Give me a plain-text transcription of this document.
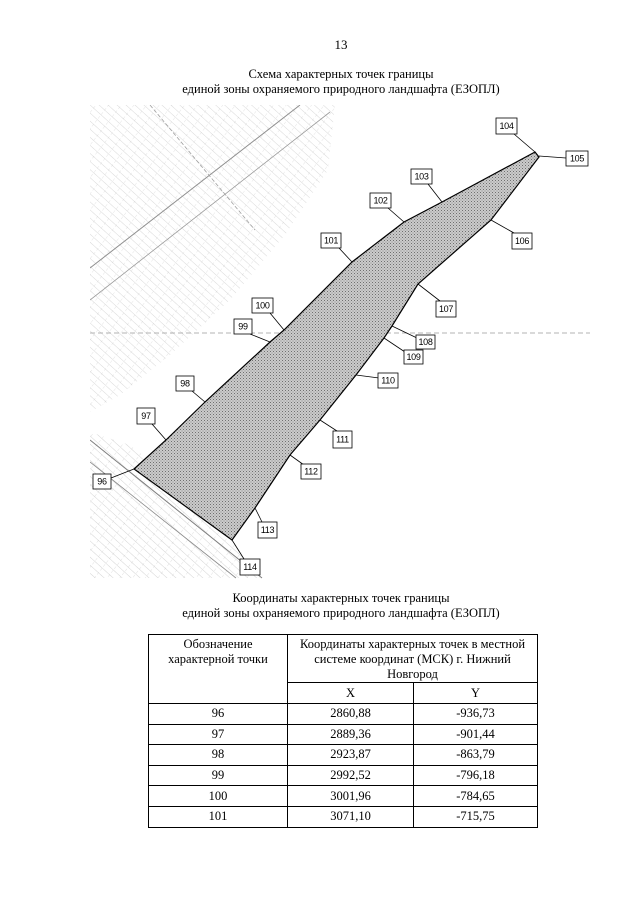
13
Схема характерных точек границы
единой зоны охраняемого природного ландшафта (ЕЗОПЛ)
96
97
98
99
100
101
102
103
104
105
106
107
108
109
110
111
112
113
114
Координаты характерных точек границы
единой зоны охраняемого природного ландшафта (ЕЗОПЛ)
Обозначение
характерной точки	Координаты характерных точек в местной
системе координат (МСК) г. Нижний
Новгород	

	X	Y
96	2860,88	-936,73
97	2889,36	-901,44
98	2923,87	-863,79
99	2992,52	-796,18
100	3001,96	-784,65
101	3071,10	-715,75
